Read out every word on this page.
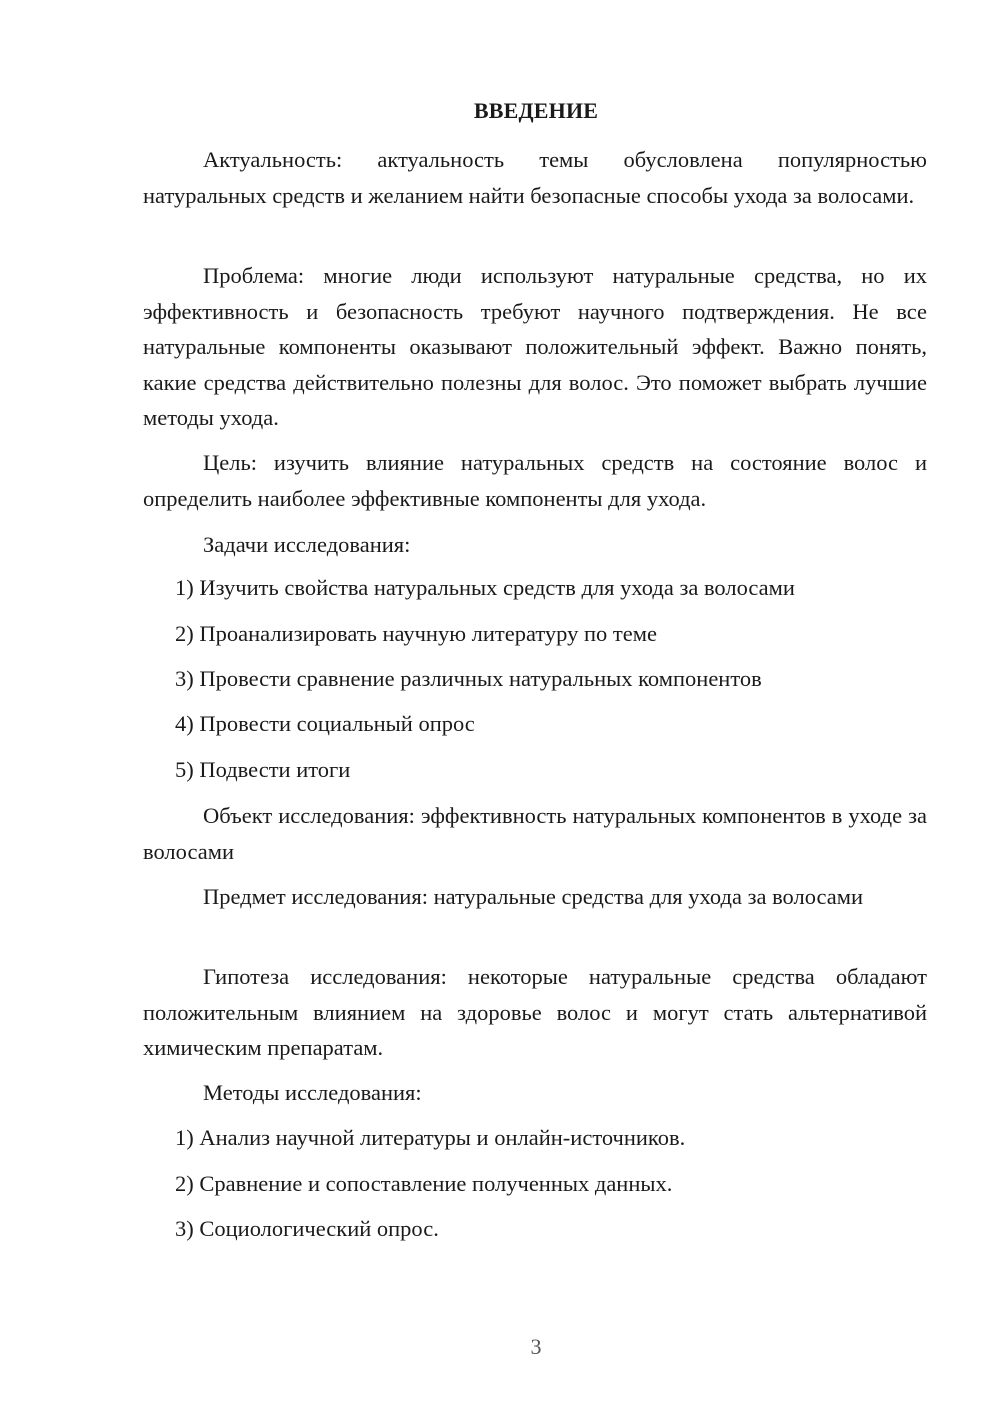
ВВЕДЕНИЕ

Актуальность: актуальность темы обусловлена популярностью натуральных средств и желанием найти безопасные способы ухода за волосами.

Проблема: многие люди используют натуральные средства, но их эффективность и безопасность требуют научного подтверждения. Не все натуральные компоненты оказывают положительный эффект. Важно понять, какие средства действительно полезны для волос. Это поможет выбрать лучшие методы ухода.

Цель: изучить влияние натуральных средств на состояние волос и определить наиболее эффективные компоненты для ухода.

Задачи исследования:

1) Изучить свойства натуральных средств для ухода за волосами
2) Проанализировать научную литературу по теме
3) Провести сравнение различных натуральных компонентов
4) Провести социальный опрос
5) Подвести итоги

Объект исследования: эффективность натуральных компонентов в уходе за волосами

Предмет исследования: натуральные средства для ухода за волосами

Гипотеза исследования: некоторые натуральные средства обладают положительным влиянием на здоровье волос и могут стать альтернативой химическим препаратам.

Методы исследования:

1) Анализ научной литературы и онлайн-источников.
2) Сравнение и сопоставление полученных данных.
3) Социологический опрос.
3
